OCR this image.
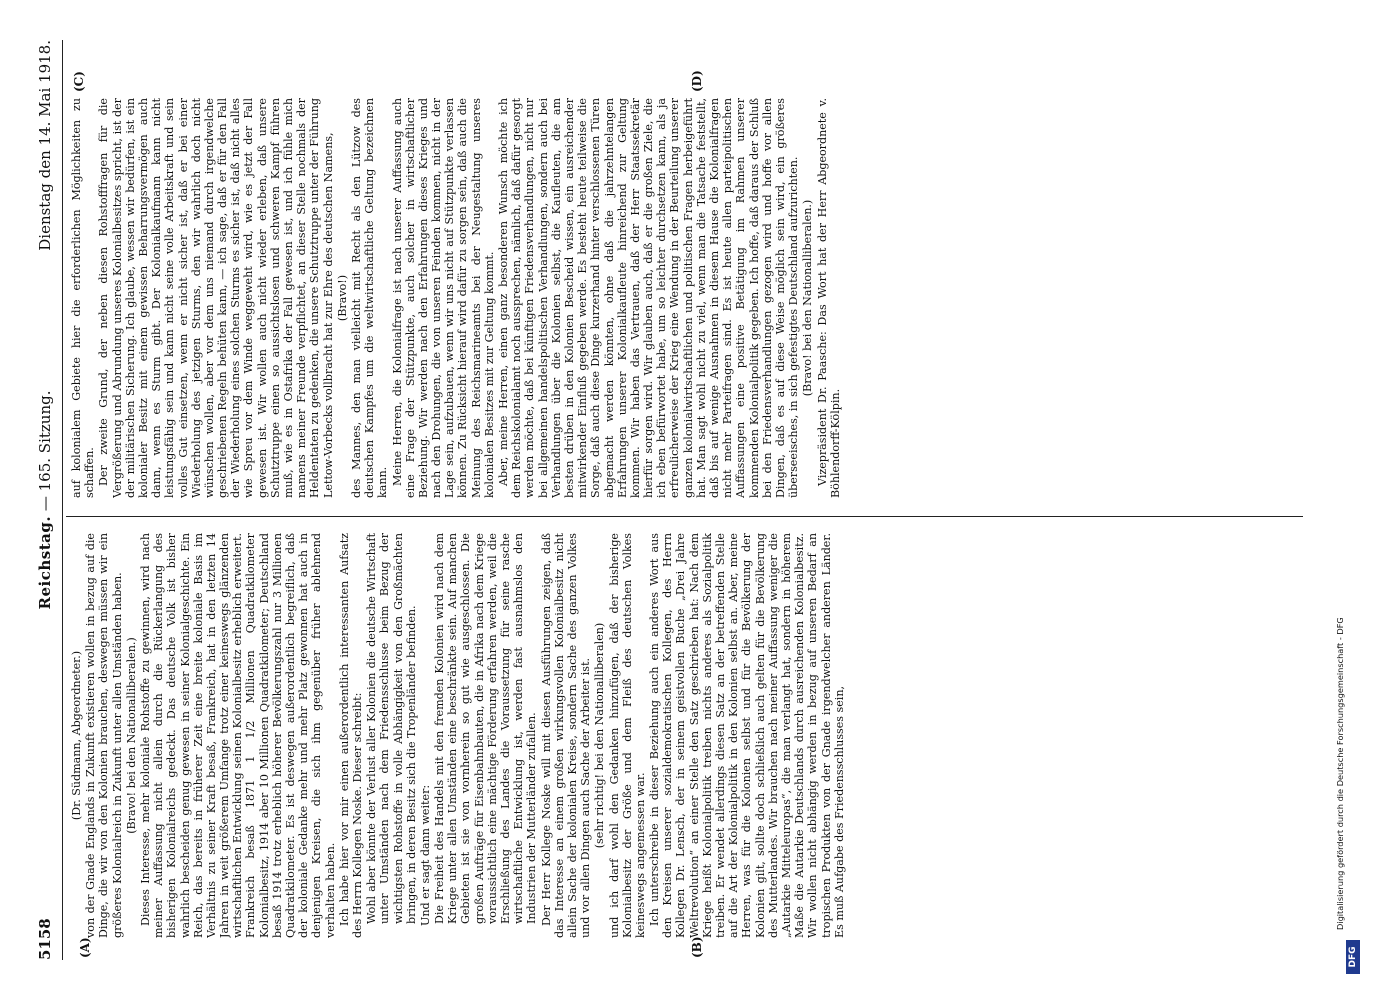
5158
Reichstag. — 165. Sitzung.
Dienstag den 14. Mai 1918.

(Dr. Südmann, Abgeordneter.) von der Gnade Englands in Zukunft existieren wollen in bezug auf die Dinge, die wir von den Kolonien brauchen, deswegen müssen wir ein größeres Kolonialreich in Zukunft unter allen Umständen haben. (Bravo! bei den Nationalliberalen.) Dieses Interesse, mehr koloniale Rohstoffe zu gewinnen, wird nach meiner Auffassung nicht allein durch die Rückerlangung des bisherigen Kolonialreichs gedeckt. Das deutsche Volk ist bisher wahrlich bescheiden genug gewesen in seiner Kolonialgeschichte. Ein Reich, das bereits in früherer Zeit eine breite koloniale Basis im Verhältnis zu seiner Kraft besaß, Frankreich, hat in den letzten 14 Jahren in weit größerem Umfange trotz einer keineswegs glänzenden wirtschaftlichen Entwicklung seinen Kolonialbesitz erheblich erweitert. Frankreich besaß 1871 1 1/2 Millionen Quadratkilometer Kolonialbesitz, 1914 aber 10 Millionen Quadratkilometer; Deutschland besaß 1914 trotz erheblich höherer Bevölkerungszahl nur 3 Millionen Quadratkilometer. Es ist deswegen außerordentlich begreiflich, daß der koloniale Gedanke mehr und mehr Platz gewonnen hat auch in denjenigen Kreisen, die sich ihm gegenüber früher ablehnend verhalten haben. Ich habe hier vor mir einen außerordentlich interessanten Aufsatz des Herrn Kollegen Noske. Dieser schreibt: Wohl aber könnte der Verlust aller Kolonien die deutsche Wirtschaft unter Umständen nach dem Friedensschlusse beim Bezug der wichtigsten Rohstoffe in volle Abhängigkeit von den Großmächten bringen, in deren Besitz sich die Tropenländer befinden. Und er sagt dann weiter: Die Freiheit des Handels mit den fremden Kolonien wird nach dem Kriege unter allen Umständen eine beschränkte sein. Auf manchen Gebieten ist sie von vornherein so gut wie ausgeschlossen. Die großen Aufträge für Eisenbahnbauten, die in Afrika nach dem Kriege voraussichtlich eine mächtige Förderung erfahren werden, weil die Erschließung des Landes die Voraussetzung für seine rasche wirtschaftliche Entwicklung ist, werden fast ausnahmslos den Industrien der Mutterländer zufallen. Der Herr Kollege Noske will mit diesen Ausführungen zeigen, daß das Interesse an einem großen wirkungsvollen Kolonialbesitz nicht allein Sache der kolonialen Kreise, sondern Sache des ganzen Volkes und vor allen Dingen auch Sache der Arbeiter ist. (sehr richtig! bei den Nationalliberalen) und ich darf wohl den Gedanken hinzufügen, daß der bisherige Kolonialbesitz der Größe und dem Fleiß des deutschen Volkes keineswegs angemessen war. Ich unterschreibe in dieser Beziehung auch ein anderes Wort aus den Kreisen unserer sozialdemokratischen Kollegen, des Herrn Kollegen Dr. Lensch, der in seinem geistvollen Buche „Drei Jahre Weltrevolution“ an einer Stelle den Satz geschrieben hat: Nach dem Kriege heißt Kolonialpolitik treiben nichts anderes als Sozialpolitik treiben. Er wendet allerdings diesen Satz an der betreffenden Stelle auf die Art der Kolonialpolitik in den Kolonien selbst an. Aber, meine Herren, was für die Kolonien selbst und für die Bevölkerung der Kolonien gilt, sollte doch schließlich auch gelten für die Bevölkerung des Mutterlandes. Wir brauchen nach meiner Auffassung weniger die „Autarkie Mitteleuropas“, die man verlangt hat, sondern in höherem Maße die Autarkie Deutschlands durch ausreichenden Kolonialbesitz. Wir wollen nicht abhängig werden in bezug auf unseren Bedarf an tropischen Produkten von der Gnade irgendwelcher anderen Länder. Es muß Aufgabe des Friedensschlusses sein,

auf kolonialem Gebiete hier die erforderlichen Möglichkeiten zu schaffen. Der zweite Grund, der neben diesen Rohstofffragen für die Vergrößerung und Abrundung unseres Kolonialbesitzes spricht, ist der der militärischen Sicherung. Ich glaube, wessen wir bedürfen, ist ein kolonialer Besitz mit einem gewissen Beharrungsvermögen auch dann, wenn es Sturm gibt. Der Kolonialkaufmann kann nicht leistungsfähig sein und kann nicht seine volle Arbeitskraft und sein volles Gut einsetzen, wenn er nicht sicher ist, daß er bei einer Wiederholung des jetzigen Sturms, den wir wahrlich doch nicht wünschen wollen, aber vor dem uns niemand durch irgendwelche geschriebenen Regeln behüten kann, — ich sage, daß er für den Fall der Wiederholung eines solchen Sturms es sicher ist, daß nicht alles wie Spreu vor dem Winde weggeweht wird, wie es jetzt der Fall gewesen ist. Wir wollen auch nicht wieder erleben, daß unsere Schutztruppe einen so aussichtslosen und schweren Kampf führen muß, wie es in Ostafrika der Fall gewesen ist, und ich fühle mich namens meiner Freunde verpflichtet, an dieser Stelle nochmals der Heldentaten zu gedenken, die unsere Schutztruppe unter der Führung Lettow-Vorbecks vollbracht hat zur Ehre des deutschen Namens, (Bravo!) des Mannes, den man vielleicht mit Recht als den Lützow des deutschen Kampfes um die weltwirtschaftliche Geltung bezeichnen kann. Meine Herren, die Kolonialfrage ist nach unserer Auffassung auch eine Frage der Stützpunkte, auch solcher in wirtschaftlicher Beziehung. Wir werden nach den Erfahrungen dieses Krieges und nach den Drohungen, die von unseren Feinden kommen, nicht in der Lage sein, aufzubauen, wenn wir uns nicht auf Stützpunkte verlassen können. Zu Rücksicht hierauf wird dafür zu sorgen sein, daß auch die Meinung des Reichsmarineamts bei der Neugestaltung unseres kolonialen Besitzes mit zur Geltung kommt. Aber, meine Herren, einen ganz besonderen Wunsch möchte ich dem Reichskolonialamt noch aussprechen, nämlich, daß dafür gesorgt werden möchte, daß bei künftigen Friedensverhandlungen, nicht nur bei allgemeinen handelspolitischen Verhandlungen, sondern auch bei Verhandlungen über die Kolonien selbst, die Kaufleuten, die am besten drüben in den Kolonien Bescheid wissen, ein ausreichender mitwirkender Einfluß gegeben werde. Es besteht heute teilweise die Sorge, daß auch diese Dinge kurzerhand hinter verschlossenen Türen abgemacht werden könnten, ohne daß die jahrzehntelangen Erfahrungen unserer Kolonialkaufleute hinreichend zur Geltung kommen. Wir haben das Vertrauen, daß der Herr Staatssekretär hierfür sorgen wird. Wir glauben auch, daß er die großen Ziele, die ich eben befürwortet habe, um so leichter durchsetzen kann, als ja erfreulicherweise der Krieg eine Wendung in der Beurteilung unserer ganzen kolonialwirtschaftlichen und politischen Fragen herbeigeführt hat. Man sagt wohl nicht zu viel, wenn man die Tatsache feststellt, daß bis auf wenige Ausnahmen in diesem Hause die Kolonialfragen nicht mehr Parteifragen sind. Es ist heute allen parteipolitischen Auffassungen eine positive Betätigung im Rahmen unserer kommenden Kolonialpolitik gegeben. Ich hoffe, daß daraus der Schluß bei den Friedensverhandlungen gezogen wird und hoffe vor allen Dingen, daß es auf diese Weise möglich sein wird, ein größeres überseeisches, in sich gefestigtes Deutschland aufzurichten. (Bravo! bei den Nationalliberalen.) Vizepräsident Dr. Paasche: Das Wort hat der Herr Abgeordnete v. Böhlendorff-Kölpin.

(A)	(B)
(C)	(D)
Digitalisierung gefördert durch die Deutsche Forschungsgemeinschaft - DFG
DFG
